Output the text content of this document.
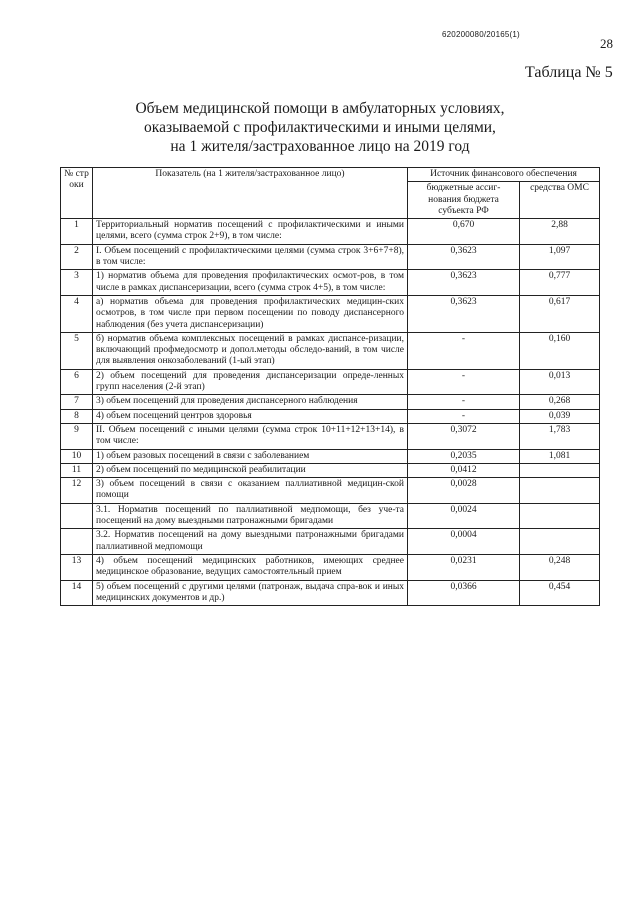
620200080/20165(1)
28
Таблица № 5
Объем медицинской помощи в амбулаторных условиях,
оказываемой с профилактическими и иными целями,
на 1 жителя/застрахованное лицо на 2019 год
№ стр оки	Показатель (на 1 жителя/застрахованное лицо)	Источник финансового обеспечения	
		бюджетные ассиг-нования бюджета субъекта РФ	средства ОМС
1	Территориальный норматив посещений с профилактическими и иными целями, всего (сумма строк 2+9), в том числе:	0,670	2,88
2	I. Объем посещений с профилактическими целями (сумма строк 3+6+7+8), в том числе:	0,3623	1,097
3	1) норматив объема для проведения профилактических осмот-ров, в том числе в рамках диспансеризации, всего (сумма строк 4+5), в том числе:	0,3623	0,777
4	а) норматив объема для проведения профилактических медицин-ских осмотров, в том числе при первом посещении по поводу диспансерного наблюдения (без учета диспансеризации)	0,3623	0,617
5	б) норматив объема комплексных посещений в рамках диспансе-ризации, включающий профмедосмотр и допол.методы обследо-ваний, в том числе для выявления онкозаболеваний (1-ый этап)	-	0,160
6	2) объем посещений для проведения диспансеризации опреде-ленных групп населения (2-й этап)	-	0,013
7	3) объем посещений для проведения диспансерного наблюдения	-	0,268
8	4) объем посещений центров здоровья	-	0,039
9	II. Объем посещений с иными целями (сумма строк 10+11+12+13+14), в том числе:	0,3072	1,783
10	1) объем разовых посещений в связи с заболеванием	0,2035	1,081
11	2) объем посещений по медицинской реабилитации	0,0412	
12	3) объем посещений в связи с оказанием паллиативной медицин-ской помощи	0,0028	
	3.1. Норматив посещений по паллиативной медпомощи, без уче-та посещений на дому выездными патронажными бригадами	0,0024	
	3.2. Норматив посещений на дому выездными патронажными бригадами паллиативной медпомощи	0,0004	
13	4) объем посещений медицинских работников, имеющих среднее медицинское образование, ведущих самостоятельный прием	0,0231	0,248
14	5) объем посещений с другими целями (патронаж, выдача спра-вок и иных медицинских документов и др.)	0,0366	0,454
